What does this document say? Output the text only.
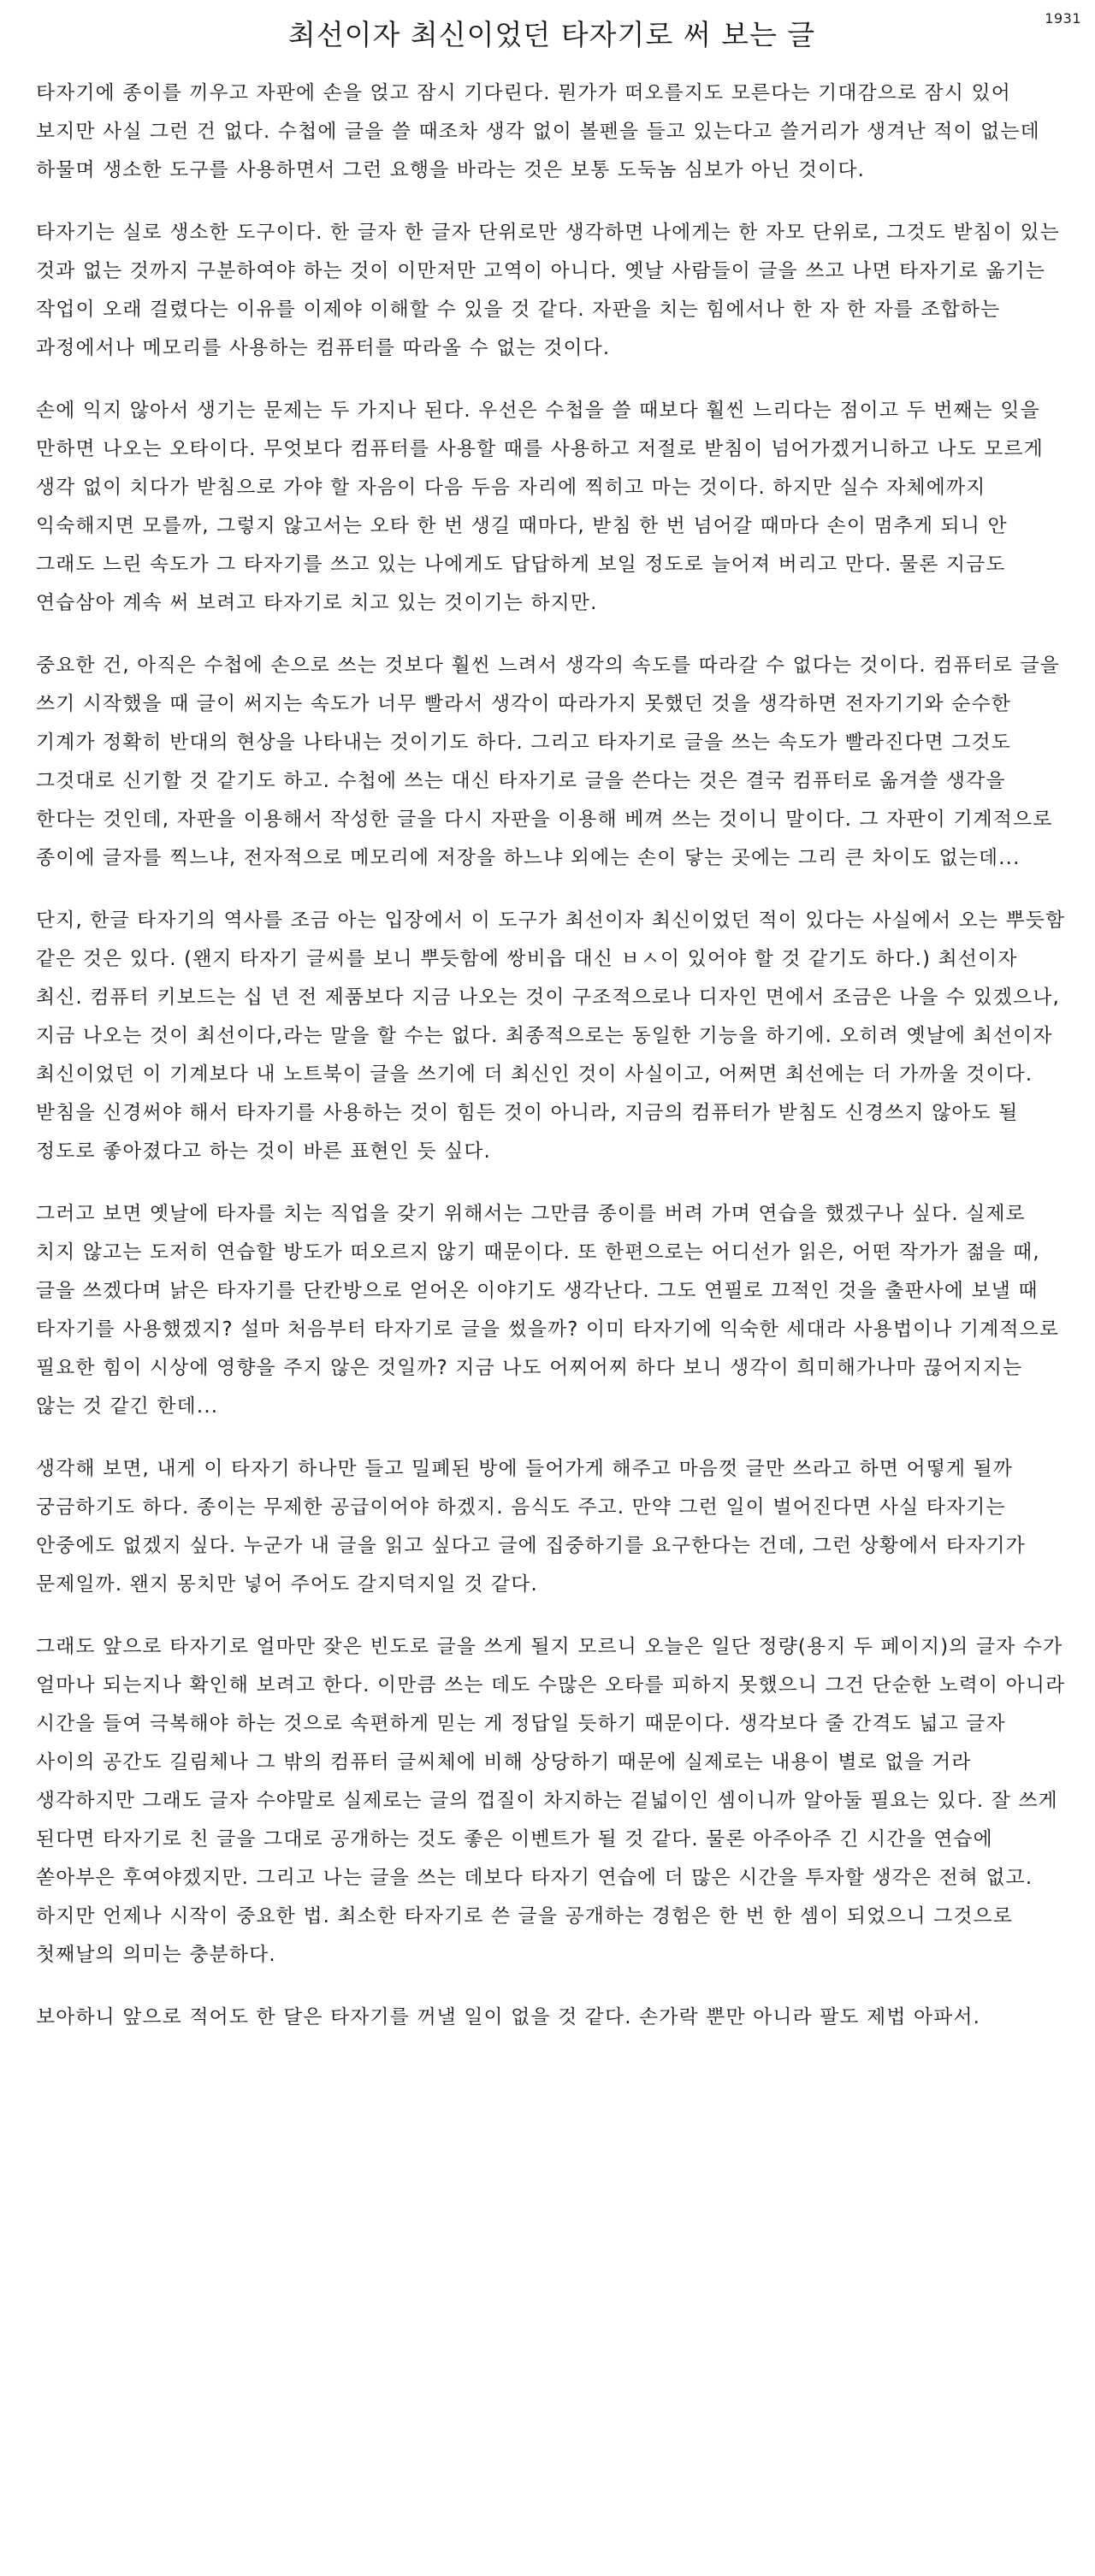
1931
최선이자 최신이었던 타자기로 써 보는 글

타자기에 종이를 끼우고 자판에 손을 얹고 잠시 기다린다. 뭔가가 떠오를지도 모른다는 기대감으로 잠시 있어 보지만 사실 그런 건 없다. 수첩에 글을 쓸 때조차 생각 없이 볼펜을 들고 있는다고 쓸거리가 생겨난 적이 없는데 하물며 생소한 도구를 사용하면서 그런 요행을 바라는 것은 보통 도둑놈 심보가 아닌 것이다.

타자기는 실로 생소한 도구이다. 한 글자 한 글자 단위로만 생각하면 나에게는 한 자모 단위로, 그것도 받침이 있는 것과 없는 것까지 구분하여야 하는 것이 이만저만 고역이 아니다. 옛날 사람들이 글을 쓰고 나면 타자기로 옮기는 작업이 오래 걸렸다는 이유를 이제야 이해할 수 있을 것 같다. 자판을 치는 힘에서나 한 자 한 자를 조합하는 과정에서나 메모리를 사용하는 컴퓨터를 따라올 수 없는 것이다.

손에 익지 않아서 생기는 문제는 두 가지나 된다. 우선은 수첩을 쓸 때보다 훨씬 느리다는 점이고 두 번째는 잊을 만하면 나오는 오타이다. 무엇보다 컴퓨터를 사용할 때를 사용하고 저절로 받침이 넘어가겠거니하고 나도 모르게 생각 없이 치다가 받침으로 가야 할 자음이 다음 두음 자리에 찍히고 마는 것이다. 하지만 실수 자체에까지 익숙해지면 모를까, 그렇지 않고서는 오타 한 번 생길 때마다, 받침 한 번 넘어갈 때마다 손이 멈추게 되니 안 그래도 느린 속도가 그 타자기를 쓰고 있는 나에게도 답답하게 보일 정도로 늘어져 버리고 만다. 물론 지금도 연습삼아 계속 써 보려고 타자기로 치고 있는 것이기는 하지만.

중요한 건, 아직은 수첩에 손으로 쓰는 것보다 훨씬 느려서 생각의 속도를 따라갈 수 없다는 것이다. 컴퓨터로 글을 쓰기 시작했을 때 글이 써지는 속도가 너무 빨라서 생각이 따라가지 못했던 것을 생각하면 전자기기와 순수한 기계가 정확히 반대의 현상을 나타내는 것이기도 하다. 그리고 타자기로 글을 쓰는 속도가 빨라진다면 그것도 그것대로 신기할 것 같기도 하고. 수첩에 쓰는 대신 타자기로 글을 쓴다는 것은 결국 컴퓨터로 옮겨쓸 생각을 한다는 것인데, 자판을 이용해서 작성한 글을 다시 자판을 이용해 베껴 쓰는 것이니 말이다. 그 자판이 기계적으로 종이에 글자를 찍느냐, 전자적으로 메모리에 저장을 하느냐 외에는 손이 닿는 곳에는 그리 큰 차이도 없는데...

단지, 한글 타자기의 역사를 조금 아는 입장에서 이 도구가 최선이자 최신이었던 적이 있다는 사실에서 오는 뿌듯함 같은 것은 있다. (왠지 타자기 글씨를 보니 뿌듯함에 쌍비읍 대신 ㅂㅅ이 있어야 할 것 같기도 하다.) 최선이자 최신. 컴퓨터 키보드는 십 년 전 제품보다 지금 나오는 것이 구조적으로나 디자인 면에서 조금은 나을 수 있겠으나, 지금 나오는 것이 최선이다,라는 말을 할 수는 없다. 최종적으로는 동일한 기능을 하기에. 오히려 옛날에 최선이자 최신이었던 이 기계보다 내 노트북이 글을 쓰기에 더 최신인 것이 사실이고, 어쩌면 최선에는 더 가까울 것이다. 받침을 신경써야 해서 타자기를 사용하는 것이 힘든 것이 아니라, 지금의 컴퓨터가 받침도 신경쓰지 않아도 될 정도로 좋아졌다고 하는 것이 바른 표현인 듯 싶다.

그러고 보면 옛날에 타자를 치는 직업을 갖기 위해서는 그만큼 종이를 버려 가며 연습을 했겠구나 싶다. 실제로 치지 않고는 도저히 연습할 방도가 떠오르지 않기 때문이다. 또 한편으로는 어디선가 읽은, 어떤 작가가 젊을 때, 글을 쓰겠다며 낡은 타자기를 단칸방으로 얻어온 이야기도 생각난다. 그도 연필로 끄적인 것을 출판사에 보낼 때 타자기를 사용했겠지? 설마 처음부터 타자기로 글을 썼을까? 이미 타자기에 익숙한 세대라 사용법이나 기계적으로 필요한 힘이 시상에 영향을 주지 않은 것일까? 지금 나도 어찌어찌 하다 보니 생각이 희미해가나마 끊어지지는 않는 것 같긴 한데...

생각해 보면, 내게 이 타자기 하나만 들고 밀폐된 방에 들어가게 해주고 마음껏 글만 쓰라고 하면 어떻게 될까 궁금하기도 하다. 종이는 무제한 공급이어야 하겠지. 음식도 주고. 만약 그런 일이 벌어진다면 사실 타자기는 안중에도 없겠지 싶다. 누군가 내 글을 읽고 싶다고 글에 집중하기를 요구한다는 건데, 그런 상황에서 타자기가 문제일까. 왠지 몽치만 넣어 주어도 갈지덕지일 것 같다.

그래도 앞으로 타자기로 얼마만 잦은 빈도로 글을 쓰게 될지 모르니 오늘은 일단 정량(용지 두 페이지)의 글자 수가 얼마나 되는지나 확인해 보려고 한다. 이만큼 쓰는 데도 수많은 오타를 피하지 못했으니 그건 단순한 노력이 아니라 시간을 들여 극복해야 하는 것으로 속편하게 믿는 게 정답일 듯하기 때문이다. 생각보다 줄 간격도 넓고 글자 사이의 공간도 길림체나 그 밖의 컴퓨터 글씨체에 비해 상당하기 때문에 실제로는 내용이 별로 없을 거라 생각하지만 그래도 글자 수야말로 실제로는 글의 껍질이 차지하는 겉넓이인 셈이니까 알아둘 필요는 있다. 잘 쓰게 된다면 타자기로 친 글을 그대로 공개하는 것도 좋은 이벤트가 될 것 같다. 물론 아주아주 긴 시간을 연습에 쏟아부은 후여야겠지만. 그리고 나는 글을 쓰는 데보다 타자기 연습에 더 많은 시간을 투자할 생각은 전혀 없고. 하지만 언제나 시작이 중요한 법. 최소한 타자기로 쓴 글을 공개하는 경험은 한 번 한 셈이 되었으니 그것으로 첫째날의 의미는 충분하다.

보아하니 앞으로 적어도 한 달은 타자기를 꺼낼 일이 없을 것 같다. 손가락 뿐만 아니라 팔도 제법 아파서.
